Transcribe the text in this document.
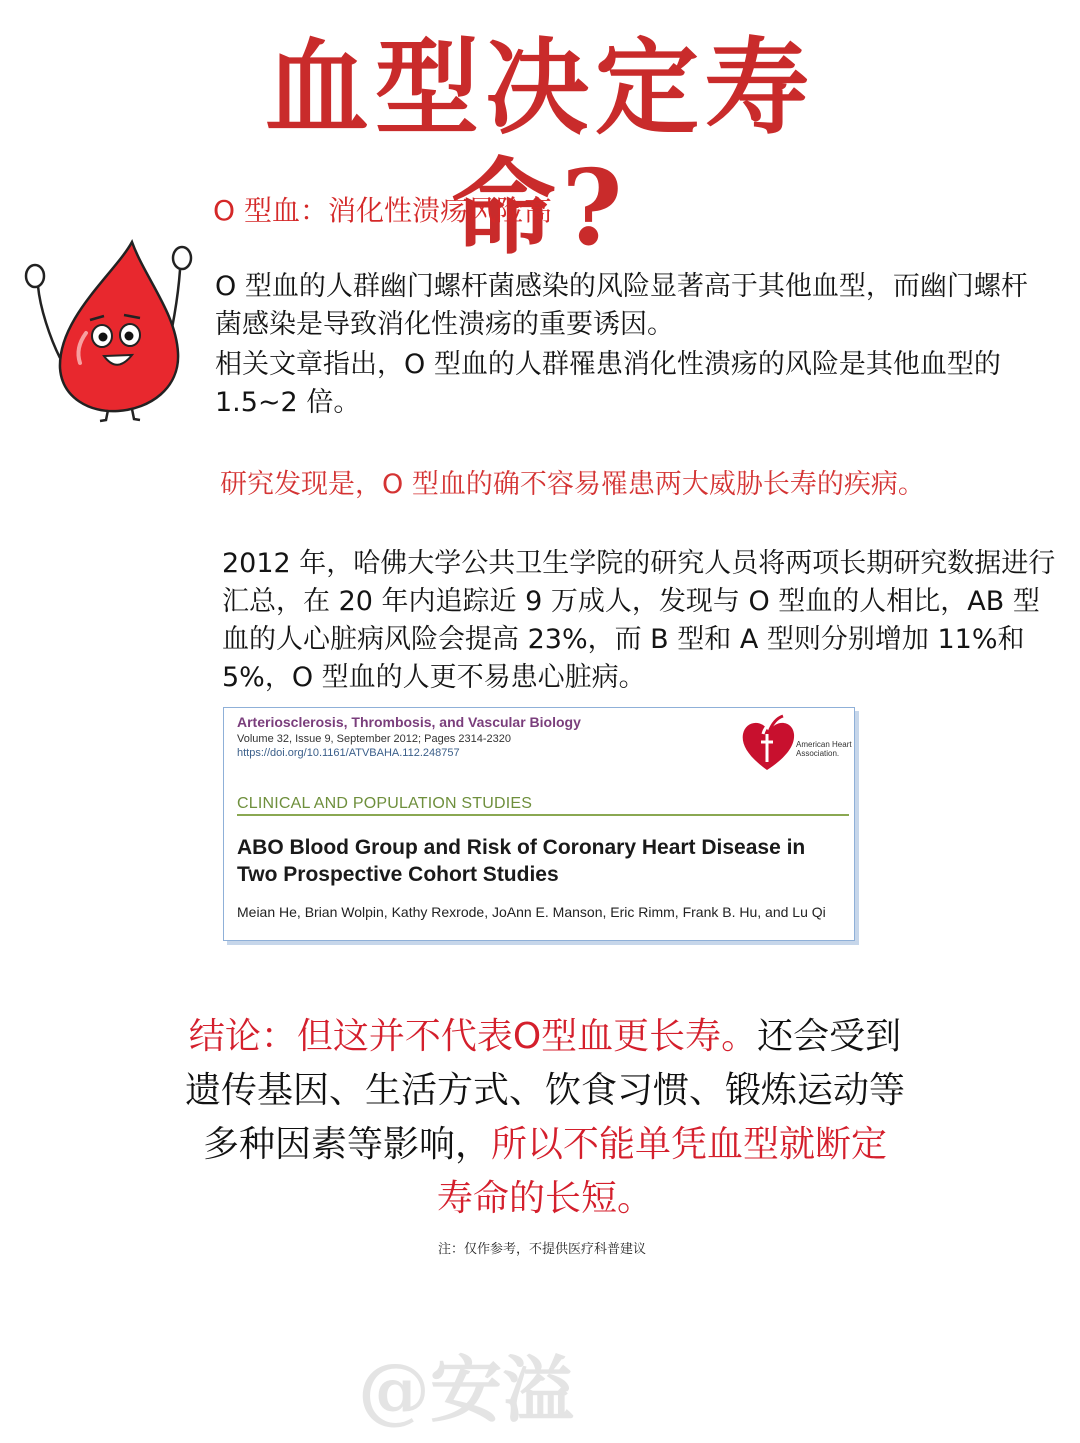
血型决定寿命?
O 型血：消化性溃疡风险高
O 型血的人群幽门螺杆菌感染的风险显著高于其他血型，而幽门螺杆菌感染是导致消化性溃疡的重要诱因。
相关文章指出，O 型血的人群罹患消化性溃疡的风险是其他血型的 1.5~2 倍。
研究发现是，O 型血的确不容易罹患两大威胁长寿的疾病。
2012 年，哈佛大学公共卫生学院的研究人员将两项长期研究数据进行汇总，在 20 年内追踪近 9 万成人，发现与 O 型血的人相比，AB 型血的人心脏病风险会提高 23%，而 B 型和 A 型则分别增加 11%和 5%，O 型血的人更不易患心脏病。
Arteriosclerosis, Thrombosis, and Vascular Biology
Volume 32, Issue 9, September 2012; Pages 2314-2320
https://doi.org/10.1161/ATVBAHA.112.248757
American Heart Association.
CLINICAL AND POPULATION STUDIES
ABO Blood Group and Risk of Coronary Heart Disease in Two Prospective Cohort Studies
Meian He, Brian Wolpin, Kathy Rexrode, JoAnn E. Manson, Eric Rimm, Frank B. Hu, and Lu Qi
结论：但这并不代表O型血更长寿。还会受到遗传基因、生活方式、饮食习惯、锻炼运动等多种因素等影响，所以不能单凭血型就断定寿命的长短。
注：仅作参考，不提供医疗科普建议
@安溢
